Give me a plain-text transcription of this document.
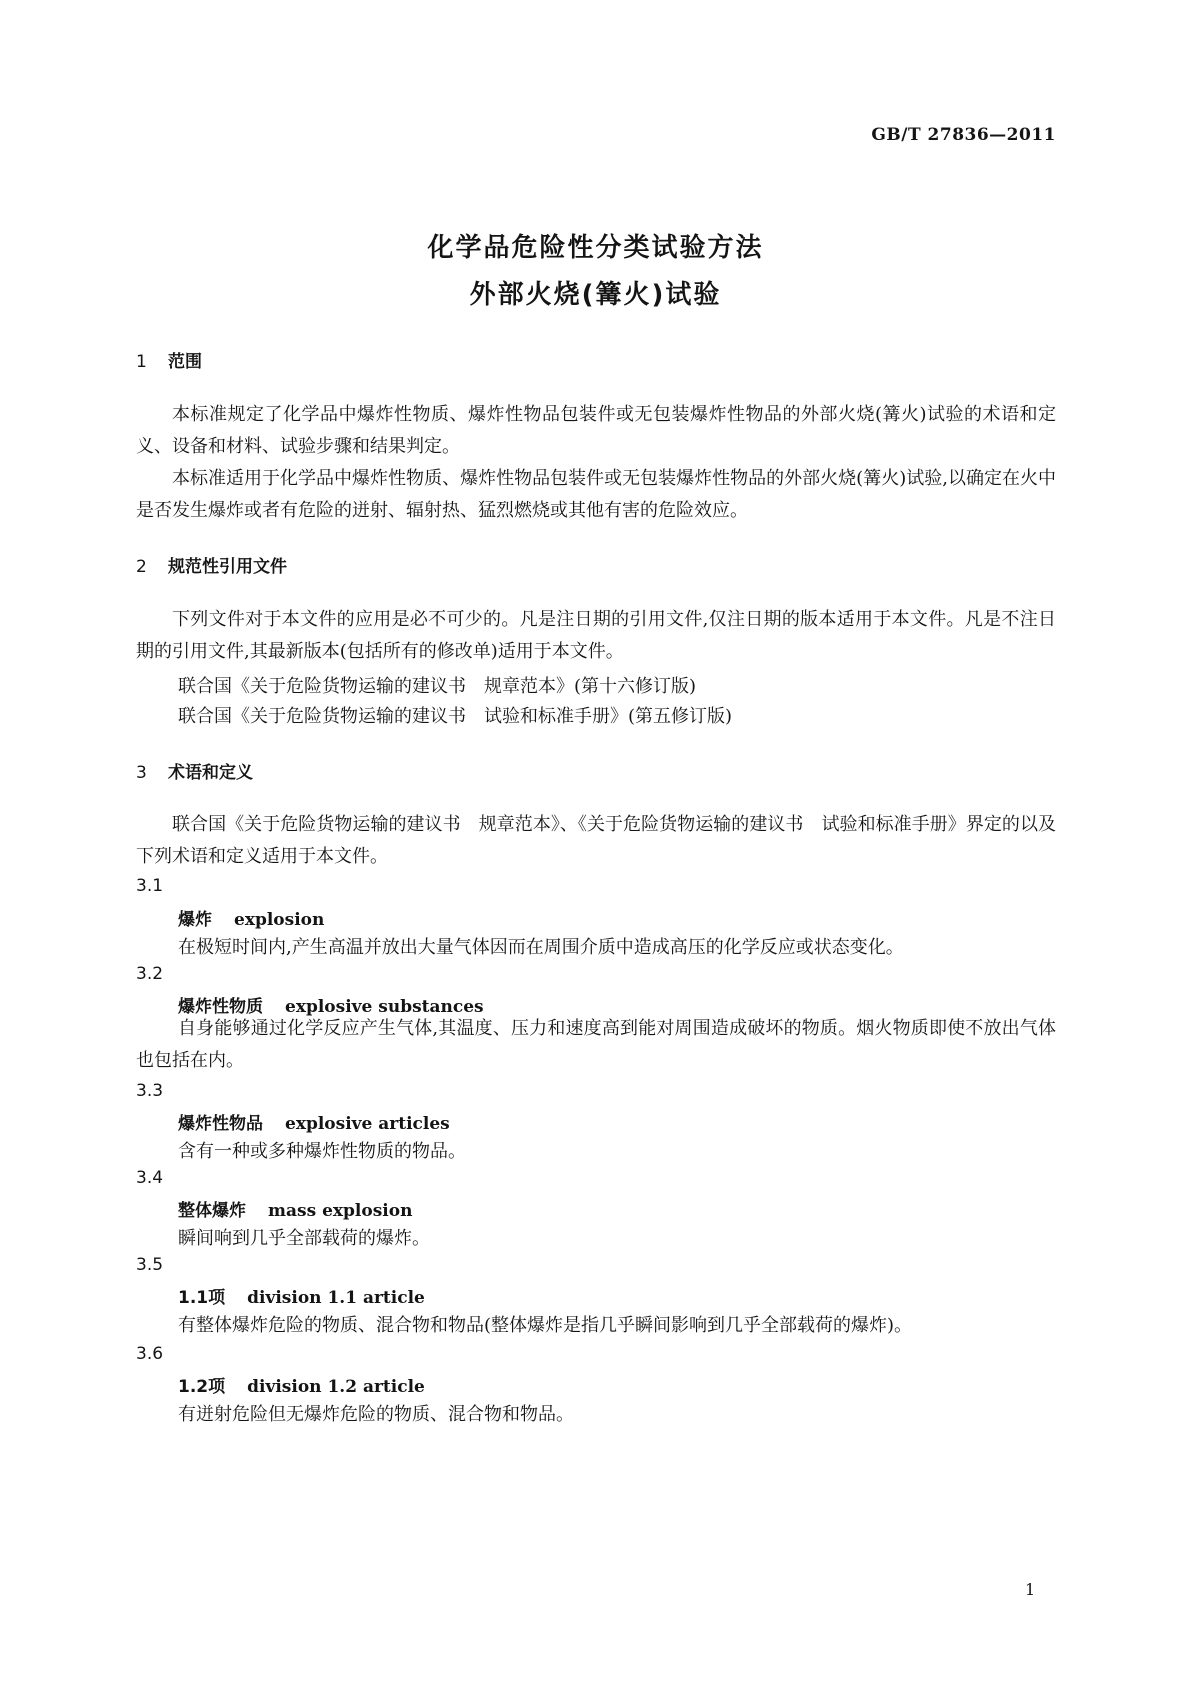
GB/T 27836—2011
化学品危险性分类试验方法
外部火烧(篝火)试验
1 范围
本标准规定了化学品中爆炸性物质、爆炸性物品包装件或无包装爆炸性物品的外部火烧(篝火)试验的术语和定义、设备和材料、试验步骤和结果判定。
本标准适用于化学品中爆炸性物质、爆炸性物品包装件或无包装爆炸性物品的外部火烧(篝火)试验,以确定在火中是否发生爆炸或者有危险的迸射、辐射热、猛烈燃烧或其他有害的危险效应。
2 规范性引用文件
下列文件对于本文件的应用是必不可少的。凡是注日期的引用文件,仅注日期的版本适用于本文件。凡是不注日期的引用文件,其最新版本(包括所有的修改单)适用于本文件。
联合国《关于危险货物运输的建议书　规章范本》(第十六修订版)
联合国《关于危险货物运输的建议书　试验和标准手册》(第五修订版)
3 术语和定义
联合国《关于危险货物运输的建议书　规章范本》、《关于危险货物运输的建议书　试验和标准手册》界定的以及下列术语和定义适用于本文件。
3.1
爆炸 explosion
在极短时间内,产生高温并放出大量气体因而在周围介质中造成高压的化学反应或状态变化。
3.2
爆炸性物质 explosive substances
自身能够通过化学反应产生气体,其温度、压力和速度高到能对周围造成破坏的物质。烟火物质即使不放出气体也包括在内。
3.3
爆炸性物品 explosive articles
含有一种或多种爆炸性物质的物品。
3.4
整体爆炸 mass explosion
瞬间响到几乎全部载荷的爆炸。
3.5
1.1项 division 1.1 article
有整体爆炸危险的物质、混合物和物品(整体爆炸是指几乎瞬间影响到几乎全部载荷的爆炸)。
3.6
1.2项 division 1.2 article
有迸射危险但无爆炸危险的物质、混合物和物品。
1
